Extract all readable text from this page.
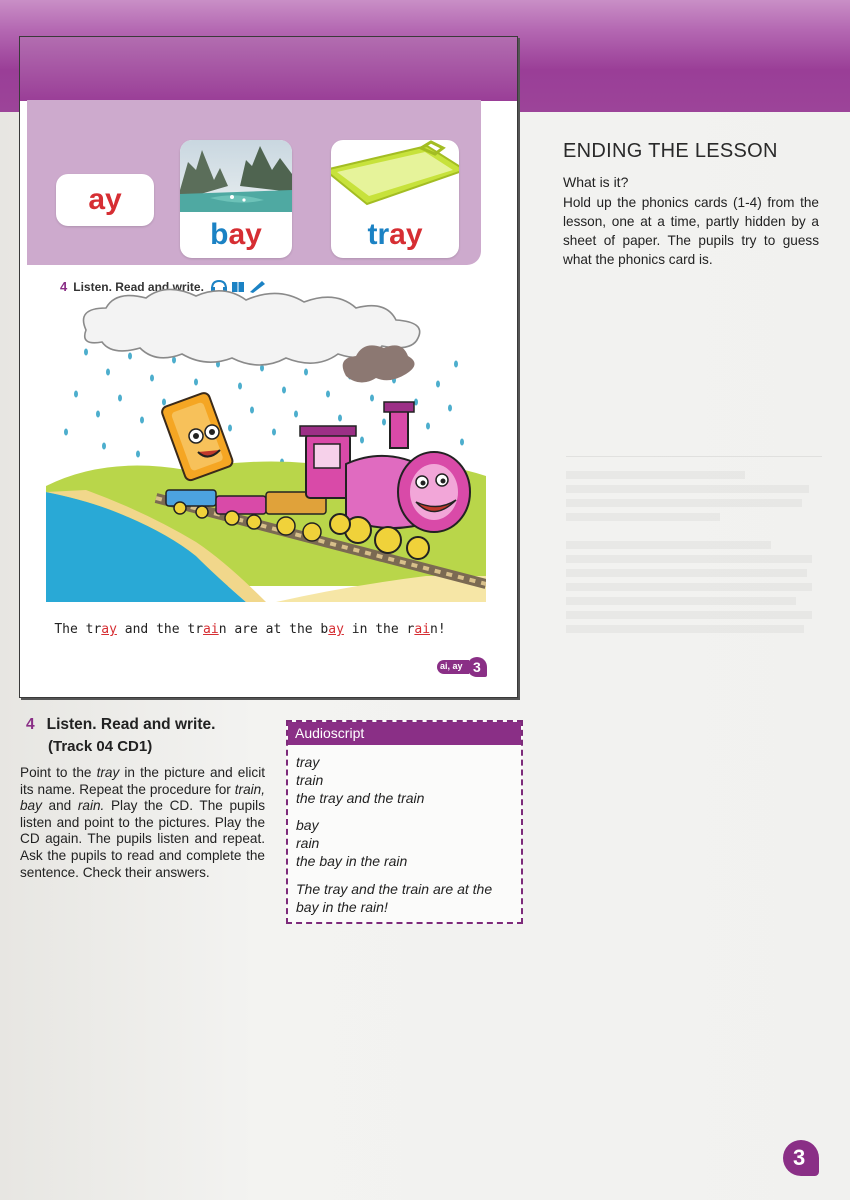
ay
bay	tray
4 Listen. Read and write.
The tray and the train are at the bay in the rain!
ai, ay 3
ENDING THE LESSON
What is it?
Hold up the phonics cards (1-4) from the lesson, one at a time, partly hidden by a sheet of paper. The pupils try to guess what the phonics card is.
4 Listen. Read and write.
(Track 04 CD1)
Point to the tray in the picture and elicit its name. Repeat the procedure for train, bay and rain. Play the CD. The pupils listen and point to the pictures. Play the CD again. The pupils listen and repeat. Ask the pupils to read and complete the sentence. Check their answers.
Audioscript
tray
train
the tray and the train
bay
rain
the bay in the rain
The tray and the train are at the
bay in the rain!
3
